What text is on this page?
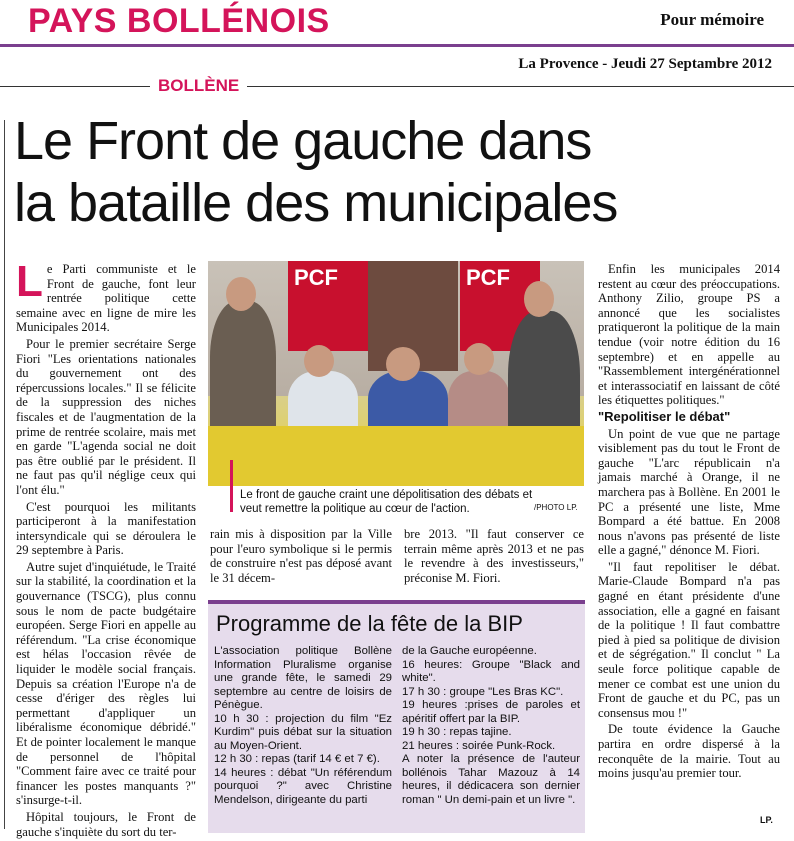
PAYS BOLLÉNOIS	Pour mémoire
La Provence - Jeudi 27 Septambre 2012
BOLLÈNE
Le Front de gauche dans
la bataille des municipales

Le Parti communiste et le Front de gauche, font leur rentrée politique cette semaine avec en ligne de mire les Municipales 2014.

Pour le premier secrétaire Serge Fiori "Les orientations nationales du gouvernement ont des répercussions locales." Il se félicite de la suppression des niches fiscales et de l'augmentation de la prime de rentrée scolaire, mais met en garde "L'agenda social ne doit pas être oublié par le président. Il ne faut pas qu'il néglige ceux qui l'ont élu."

C'est pourquoi les militants participeront à la manifestation intersyndicale qui se déroulera le 29 septembre à Paris.

Autre sujet d'inquiétude, le Traité sur la stabilité, la coordination et la gouvernance (TSCG), plus connu sous le nom de pacte budgétaire européen. Serge Fiori en appelle au référendum. "La crise économique est hélas l'occasion rêvée de liquider le modèle social français. Depuis sa création l'Europe n'a de cesse d'ériger des règles lui permettant d'appliquer un libéralisme économique débridé." Et de pointer localement le manque de personnel de l'hôpital "Comment faire avec ce traité pour financer les postes manquants ?" s'insurge-t-il.

Hôpital toujours, le Front de gauche s'inquiète du sort du ter-

PCF	PCF
Le front de gauche craint une dépolitisation des débats et veut remettre la politique au cœur de l'action.	/PHOTO LP.

rain mis à disposition par la Ville pour l'euro symbolique si le permis de construire n'est pas déposé avant le 31 décem-

bre 2013. "Il faut conserver ce terrain même après 2013 et ne pas le revendre à des investisseurs," préconise M. Fiori.

Programme de la fête de la BIP

L'association politique Bollène Information Pluralisme organise une grande fête, le samedi 29 septembre au centre de loisirs de Pénègue.

10 h 30 : projection du film "Ez Kurdim" puis débat sur la situation au Moyen-Orient.

12 h 30 : repas (tarif 14 € et 7 €).

14 heures : débat "Un référendum pourquoi ?" avec Christine Mendelson, dirigeante du parti

de la Gauche européenne.

16 heures: Groupe "Black and white".

17 h 30 : groupe "Les Bras KC".

19 heures :prises de paroles et apéritif offert par la BIP.

19 h 30 : repas tajine.

21 heures : soirée Punk-Rock.

A noter la présence de l'auteur bollénois Tahar Mazouz à 14 heures, il dédicacera son dernier roman " Un demi-pain et un livre ".

Enfin les municipales 2014 restent au cœur des préoccupations. Anthony Zilio, groupe PS a annoncé que les socialistes pratiqueront la politique de la main tendue (voir notre édition du 16 septembre) et en appelle au "Rassemblement intergénérationnel et interassociatif en laissant de côté les étiquettes politiques."

"Repolitiser le débat"

Un point de vue que ne partage visiblement pas du tout le Front de gauche "L'arc républicain n'a jamais marché à Orange, il ne marchera pas à Bollène. En 2001 le PC a présenté une liste, Mme Bompard a été battue. En 2008 nous n'avons pas présenté de liste elle a gagné," dénonce M. Fiori.

"Il faut repolitiser le débat. Marie-Claude Bompard n'a pas gagné en étant présidente d'une association, elle a gagné en faisant de la politique ! Il faut combattre pied à pied sa politique de division et de ségrégation." Il conclut " La seule force politique capable de mener ce combat est une union du Front de gauche et du PC, pas un consensus mou !"

De toute évidence la Gauche partira en ordre dispersé à la reconquête de la mairie. Tout au moins jusqu'au premier tour.

LP.
